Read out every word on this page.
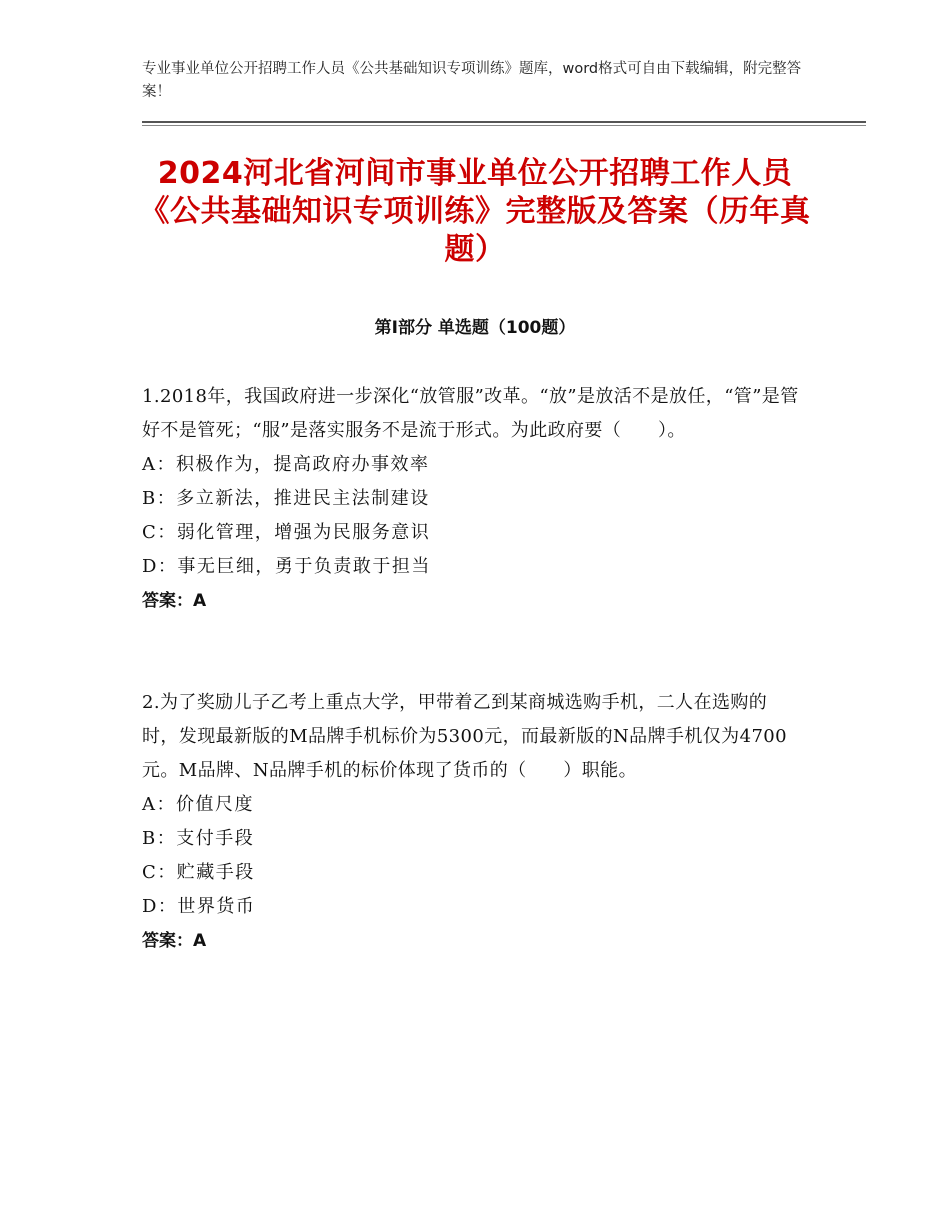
专业事业单位公开招聘工作人员《公共基础知识专项训练》题库，word格式可自由下载编辑，附完整答案！
2024河北省河间市事业单位公开招聘工作人员《公共基础知识专项训练》完整版及答案（历年真题）
第Ⅰ部分 单选题（100题）

1.2018年，我国政府进一步深化“放管服”改革。“放”是放活不是放任，“管”是管好不是管死；“服”是落实服务不是流于形式。为此政府要（　　）。

A：积极作为，提高政府办事效率

B：多立新法，推进民主法制建设

C：弱化管理，增强为民服务意识

D：事无巨细，勇于负责敢于担当

答案：A

2.为了奖励儿子乙考上重点大学，甲带着乙到某商城选购手机，二人在选购的时，发现最新版的M品牌手机标价为5300元，而最新版的N品牌手机仅为4700元。M品牌、N品牌手机的标价体现了货币的（　　）职能。

A：价值尺度

B：支付手段

C：贮藏手段

D：世界货币

答案：A
